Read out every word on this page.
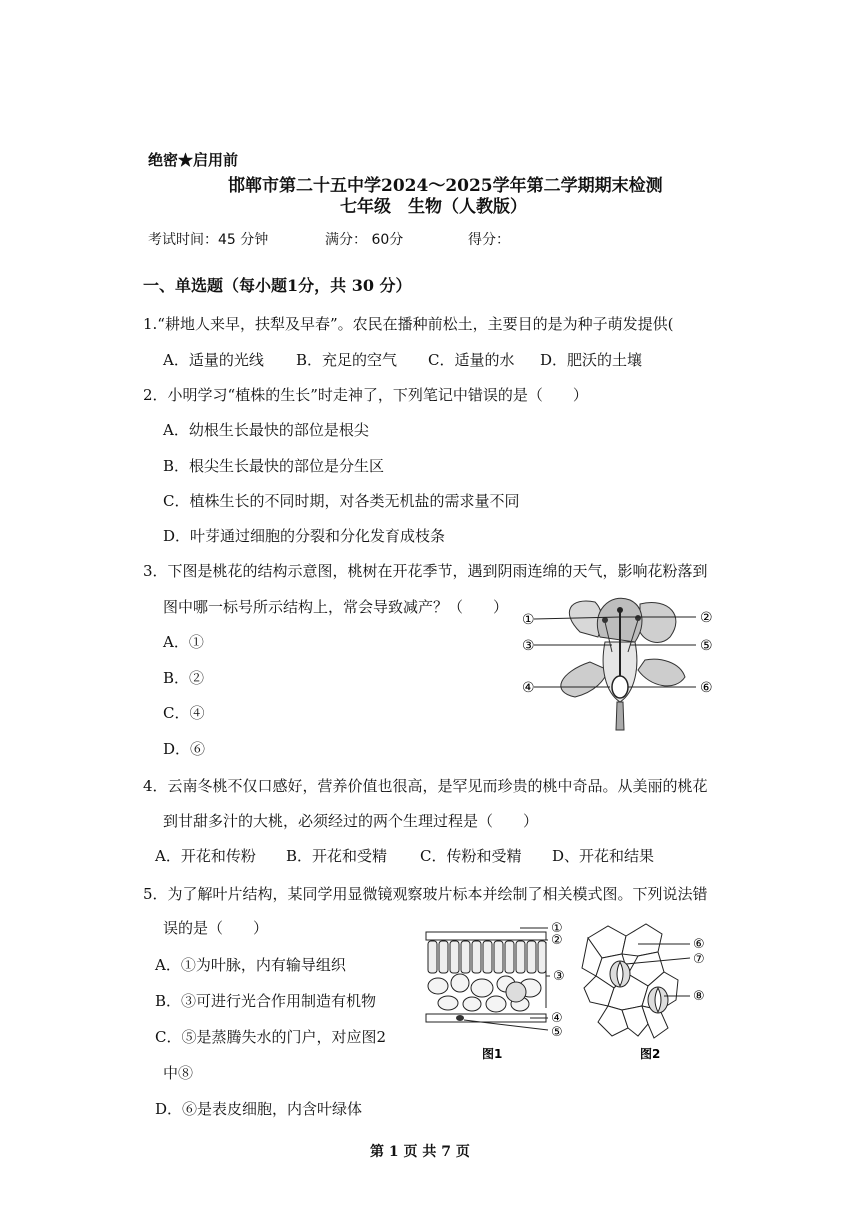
绝密★启用前
邯郸市第二十五中学2024～2025学年第二学期期末检测
七年级　生物（人教版）
考试时间：45 分钟	满分： 60分	得分：
一、单选题（每小题1分，共 30 分）
1.“耕地人来早，扶犁及早春”。农民在播种前松土，主要目的是为种子萌发提供(
A．适量的光线 B．充足的空气 C．适量的水 D．肥沃的土壤
2．小明学习“植株的生长”时走神了，下列笔记中错误的是（　　）
A．幼根生长最快的部位是根尖
B．根尖生长最快的部位是分生区
C．植株生长的不同时期，对各类无机盐的需求量不同
D．叶芽通过细胞的分裂和分化发育成枝条
3．下图是桃花的结构示意图，桃树在开花季节，遇到阴雨连绵的天气，影响花粉落到
图中哪一标号所示结构上，常会导致减产？（　　）
A．①
B．②
C．④
D．⑥
①	②
③	⑤
④	⑥
4．云南冬桃不仅口感好，营养价值也很高，是罕见而珍贵的桃中奇品。从美丽的桃花
到甘甜多汁的大桃，必须经过的两个生理过程是（　　）
A．开花和传粉 B．开花和受精 C．传粉和受精 D、开花和结果
5．为了解叶片结构，某同学用显微镜观察玻片标本并绘制了相关模式图。下列说法错
误的是（　　）
A．①为叶脉，内有输导组织
B．③可进行光合作用制造有机物
C．⑤是蒸腾失水的门户，对应图2
中⑧
D．⑥是表皮细胞，内含叶绿体
①
②
③
④
⑤
图1
⑥
⑦
⑧
图2
第 1 页 共 7 页
